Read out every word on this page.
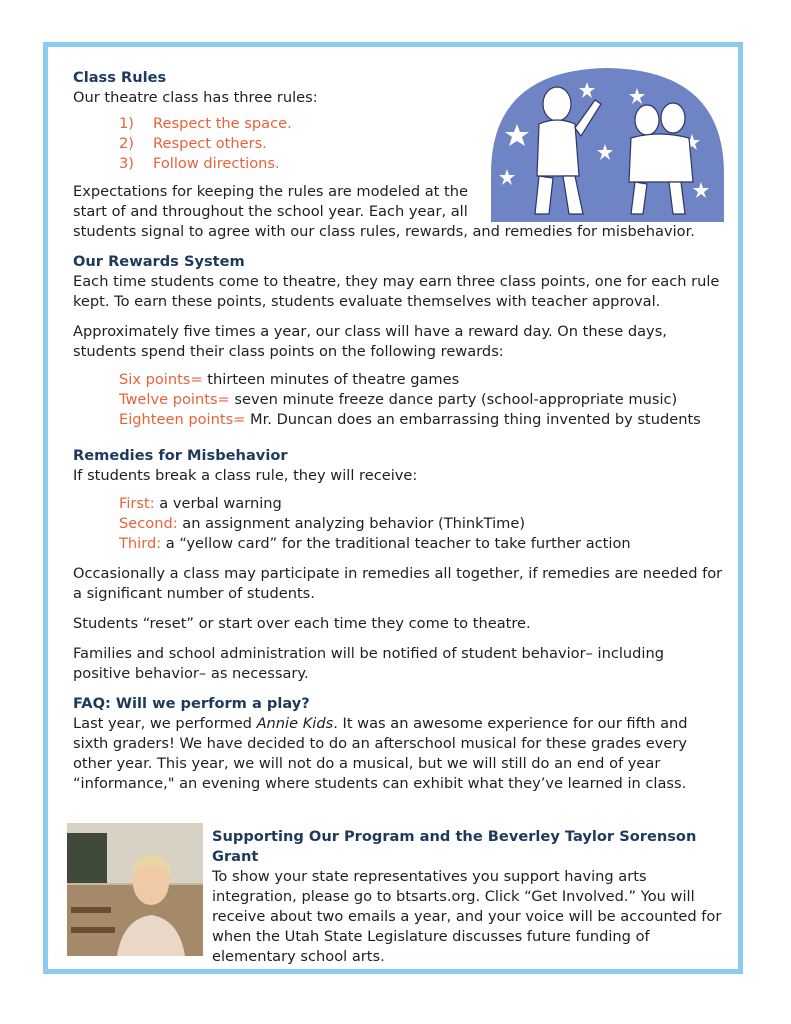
Class Rules

Our theatre class has three rules:

1) Respect the space.
2) Respect others.
3) Follow directions.

Expectations for keeping the rules are modeled at the start of and throughout the school year. Each year, all

students signal to agree with our class rules, rewards, and remedies for misbehavior.

Our Rewards System

Each time students come to theatre, they may earn three class points, one for each rule kept. To earn these points, students evaluate themselves with teacher approval.

Approximately five times a year, our class will have a reward day. On these days, students spend their class points on the following rewards:

Six points= thirteen minutes of theatre games

Twelve points= seven minute freeze dance party (school-appropriate music)

Eighteen points= Mr. Duncan does an embarrassing thing invented by students

Remedies for Misbehavior

If students break a class rule, they will receive:

First: a verbal warning

Second: an assignment analyzing behavior (ThinkTime)

Third: a “yellow card” for the traditional teacher to take further action

Occasionally a class may participate in remedies all together, if remedies are needed for a significant number of students.

Students “reset” or start over each time they come to theatre.

Families and school administration will be notified of student behavior– including positive behavior– as necessary.

FAQ: Will we perform a play?

Last year, we performed Annie Kids. It was an awesome experience for our fifth and sixth graders! We have decided to do an afterschool musical for these grades every other year. This year, we will not do a musical, but we will still do an end of year “informance," an evening where students can exhibit what they’ve learned in class.

Supporting Our Program and the Beverley Taylor Sorenson Grant

To show your state representatives you support having arts integration, please go to btsarts.org. Click “Get Involved.” You will receive about two emails a year, and your voice will be accounted for when the Utah State Legislature discusses future funding of elementary school arts.
